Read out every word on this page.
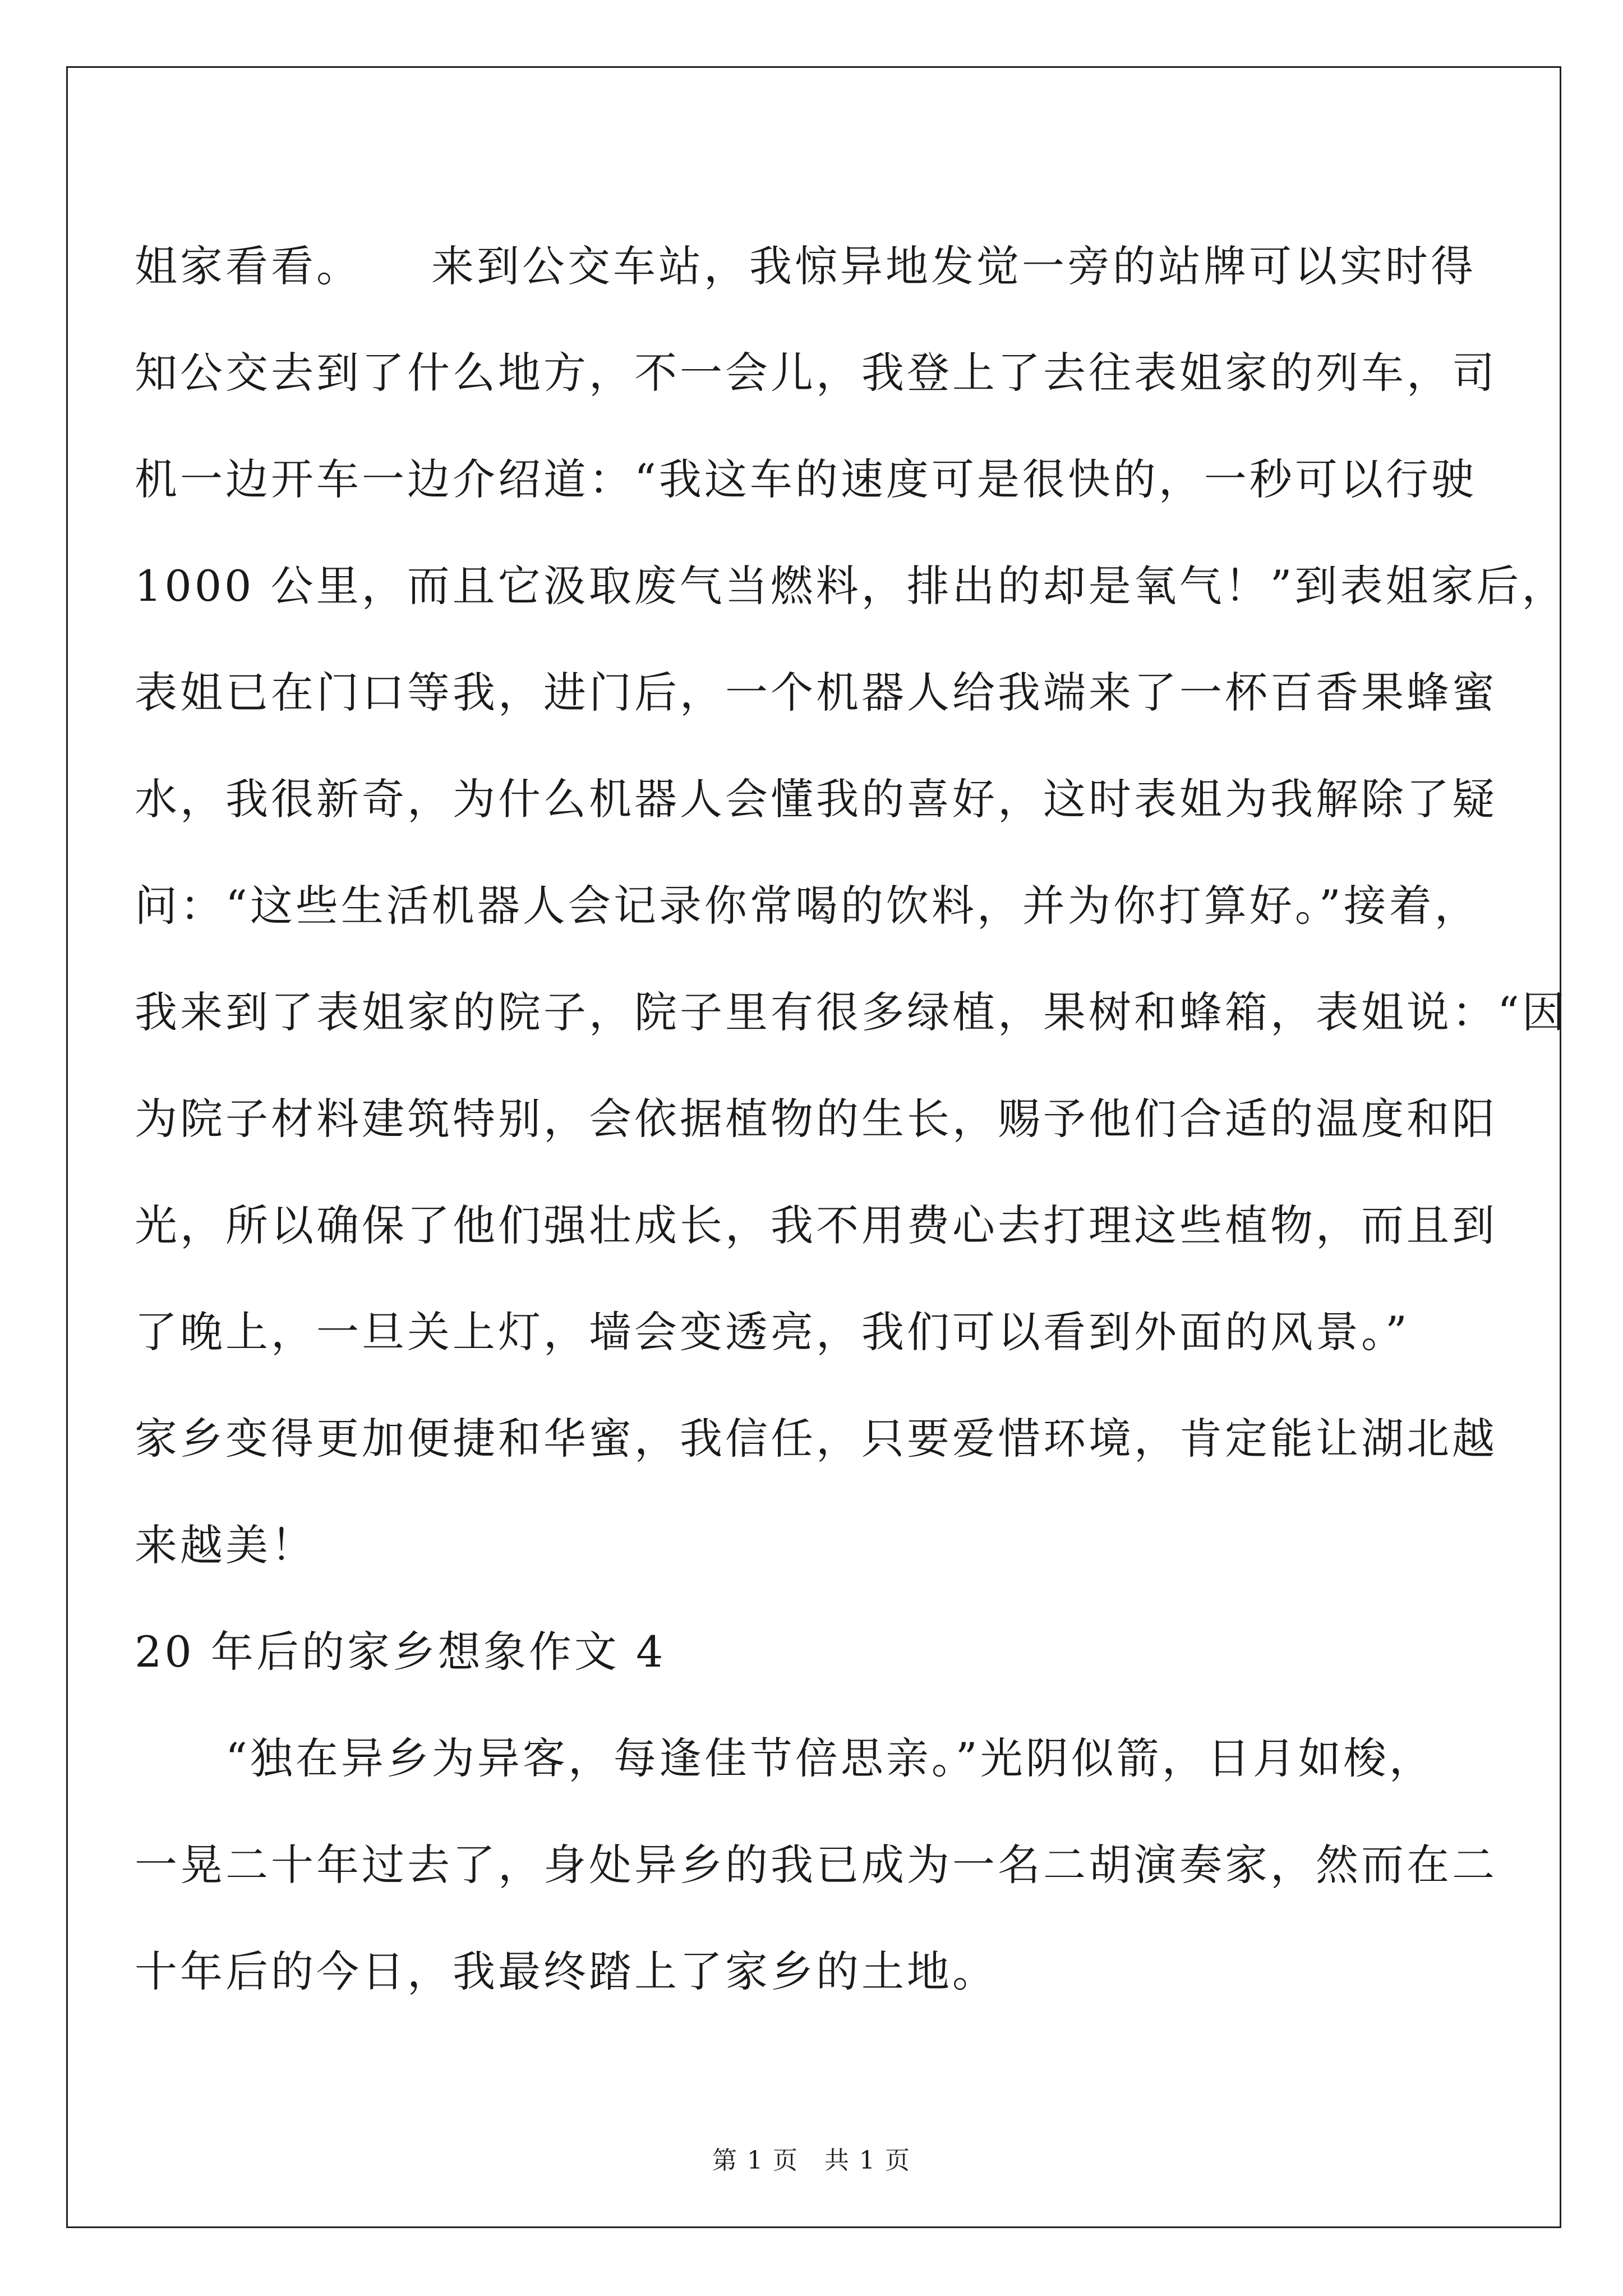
姐家看看。　　来到公交车站，我惊异地发觉一旁的站牌可以实时得
知公交去到了什么地方，不一会儿，我登上了去往表姐家的列车，司
机一边开车一边介绍道：“我这车的速度可是很快的，一秒可以行驶
1000 公里，而且它汲取废气当燃料，排出的却是氧气！”到表姐家后，
表姐已在门口等我，进门后，一个机器人给我端来了一杯百香果蜂蜜
水，我很新奇，为什么机器人会懂我的喜好，这时表姐为我解除了疑
问：“这些生活机器人会记录你常喝的饮料，并为你打算好。”接着，
我来到了表姐家的院子，院子里有很多绿植，果树和蜂箱，表姐说：“因
为院子材料建筑特别，会依据植物的生长，赐予他们合适的温度和阳
光，所以确保了他们强壮成长，我不用费心去打理这些植物，而且到
了晚上，一旦关上灯，墙会变透亮，我们可以看到外面的风景。”
家乡变得更加便捷和华蜜，我信任，只要爱惜环境，肯定能让湖北越
来越美！
20 年后的家乡想象作文 4
　　“独在异乡为异客，每逢佳节倍思亲。”光阴似箭，日月如梭，
一晃二十年过去了，身处异乡的我已成为一名二胡演奏家，然而在二
十年后的今日，我最终踏上了家乡的土地。
第 1 页　共 1 页
